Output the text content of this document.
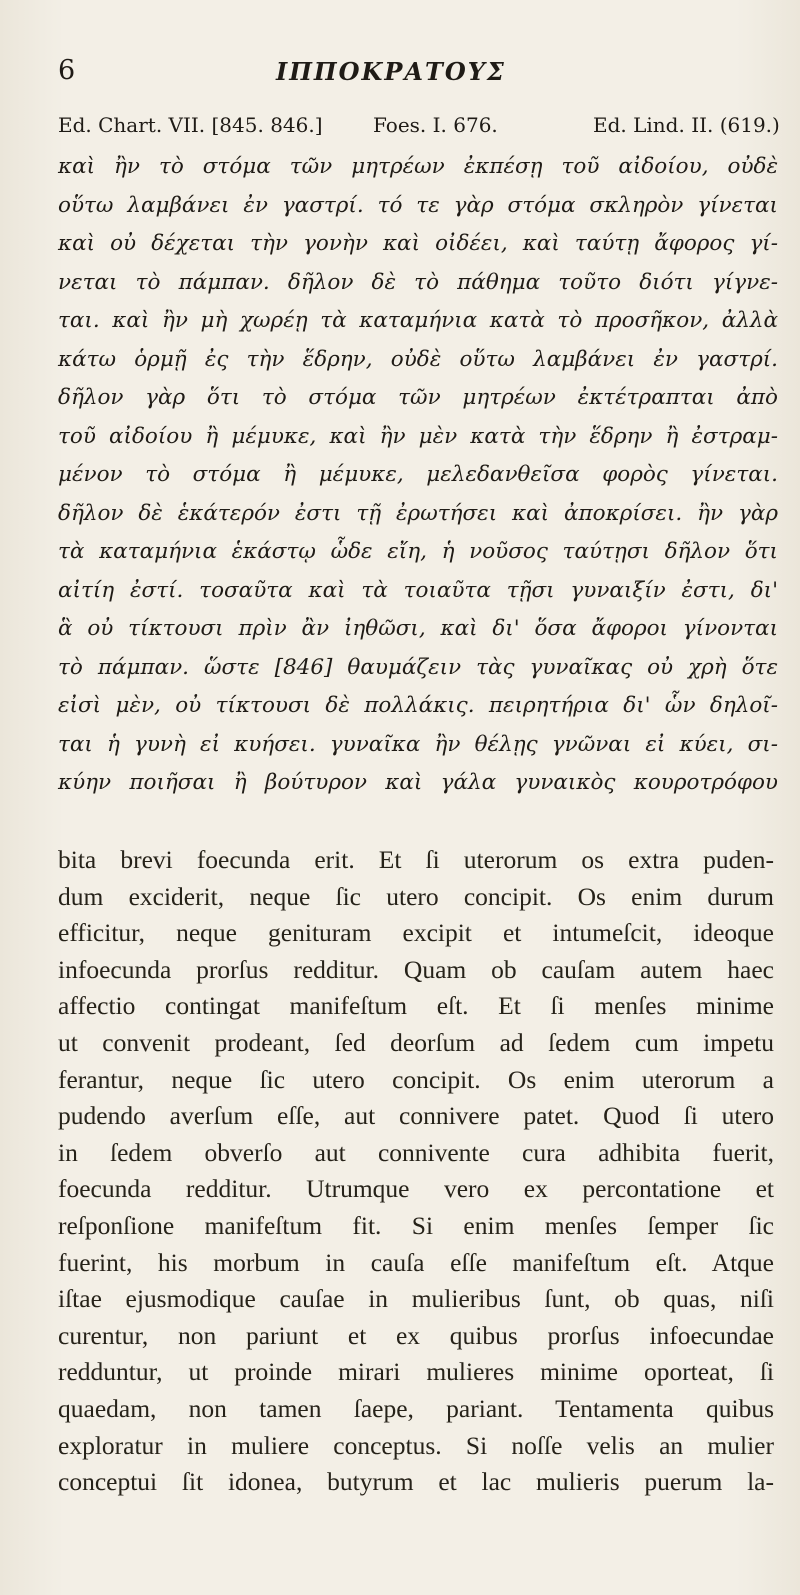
6	ΙΠΠΟΚΡΑΤΟΥΣ
Ed. Chart. VII. [845. 846.]	Foes. I. 676.	Ed. Lind. II. (619.)
καὶ ἢν τὸ στόμα τῶν μητρέων ἐκπέσῃ τοῦ αἰδοίου, οὐδὲ
οὕτω λαμβάνει ἐν γαστρί. τό τε γὰρ στόμα σκληρὸν γίνεται
καὶ οὐ δέχεται τὴν γονὴν καὶ οἰδέει, καὶ ταύτῃ ἄφορος γί-
νεται τὸ πάμπαν. δῆλον δὲ τὸ πάθημα τοῦτο διότι γίγνε-
ται. καὶ ἢν μὴ χωρέῃ τὰ καταμήνια κατὰ τὸ προσῆκον, ἀλλὰ
κάτω ὁρμῇ ἐς τὴν ἕδρην, οὐδὲ οὕτω λαμβάνει ἐν γαστρί.
δῆλον γὰρ ὅτι τὸ στόμα τῶν μητρέων ἐκτέτραπται ἀπὸ
τοῦ αἰδοίου ἢ μέμυκε, καὶ ἢν μὲν κατὰ τὴν ἕδρην ἢ ἐστραμ-
μένον τὸ στόμα ἢ μέμυκε, μελεδανθεῖσα φορὸς γίνεται.
δῆλον δὲ ἑκάτερόν ἐστι τῇ ἐρωτήσει καὶ ἀποκρίσει. ἢν γὰρ
τὰ καταμήνια ἑκάστῳ ὧδε εἴη, ἡ νοῦσος ταύτῃσι δῆλον ὅτι
αἰτίη ἐστί. τοσαῦτα καὶ τὰ τοιαῦτα τῇσι γυναιξίν ἐστι, δι'
ἃ οὐ τίκτουσι πρὶν ἂν ἰηθῶσι, καὶ δι' ὅσα ἄφοροι γίνονται
τὸ πάμπαν. ὥστε [846] θαυμάζειν τὰς γυναῖκας οὐ χρὴ ὅτε
εἰσὶ μὲν, οὐ τίκτουσι δὲ πολλάκις. πειρητήρια δι' ὧν δηλοῖ-
ται ἡ γυνὴ εἰ κυήσει. γυναῖκα ἢν θέλῃς γνῶναι εἰ κύει, σι-
κύην ποιῆσαι ἢ βούτυρον καὶ γάλα γυναικὸς κουροτρόφου
bita brevi foecunda erit. Et ſi uterorum os extra puden-
dum exciderit, neque ſic utero concipit. Os enim durum
efficitur, neque genituram excipit et intumeſcit, ideoque
infoecunda prorſus redditur. Quam ob cauſam autem haec
affectio contingat manifeſtum eſt. Et ſi menſes minime
ut convenit prodeant, ſed deorſum ad ſedem cum impetu
ferantur, neque ſic utero concipit. Os enim uterorum a
pudendo averſum eſſe, aut connivere patet. Quod ſi utero
in ſedem obverſo aut connivente cura adhibita fuerit,
foecunda redditur. Utrumque vero ex percontatione et
reſponſione manifeſtum fit. Si enim menſes ſemper ſic
fuerint, his morbum in cauſa eſſe manifeſtum eſt. Atque
iſtae ejusmodique cauſae in mulieribus ſunt, ob quas, niſi
curentur, non pariunt et ex quibus prorſus infoecundae
redduntur, ut proinde mirari mulieres minime oporteat, ſi
quaedam, non tamen ſaepe, pariant. Tentamenta quibus
exploratur in muliere conceptus. Si noſſe velis an mulier
conceptui ſit idonea, butyrum et lac mulieris puerum la-
